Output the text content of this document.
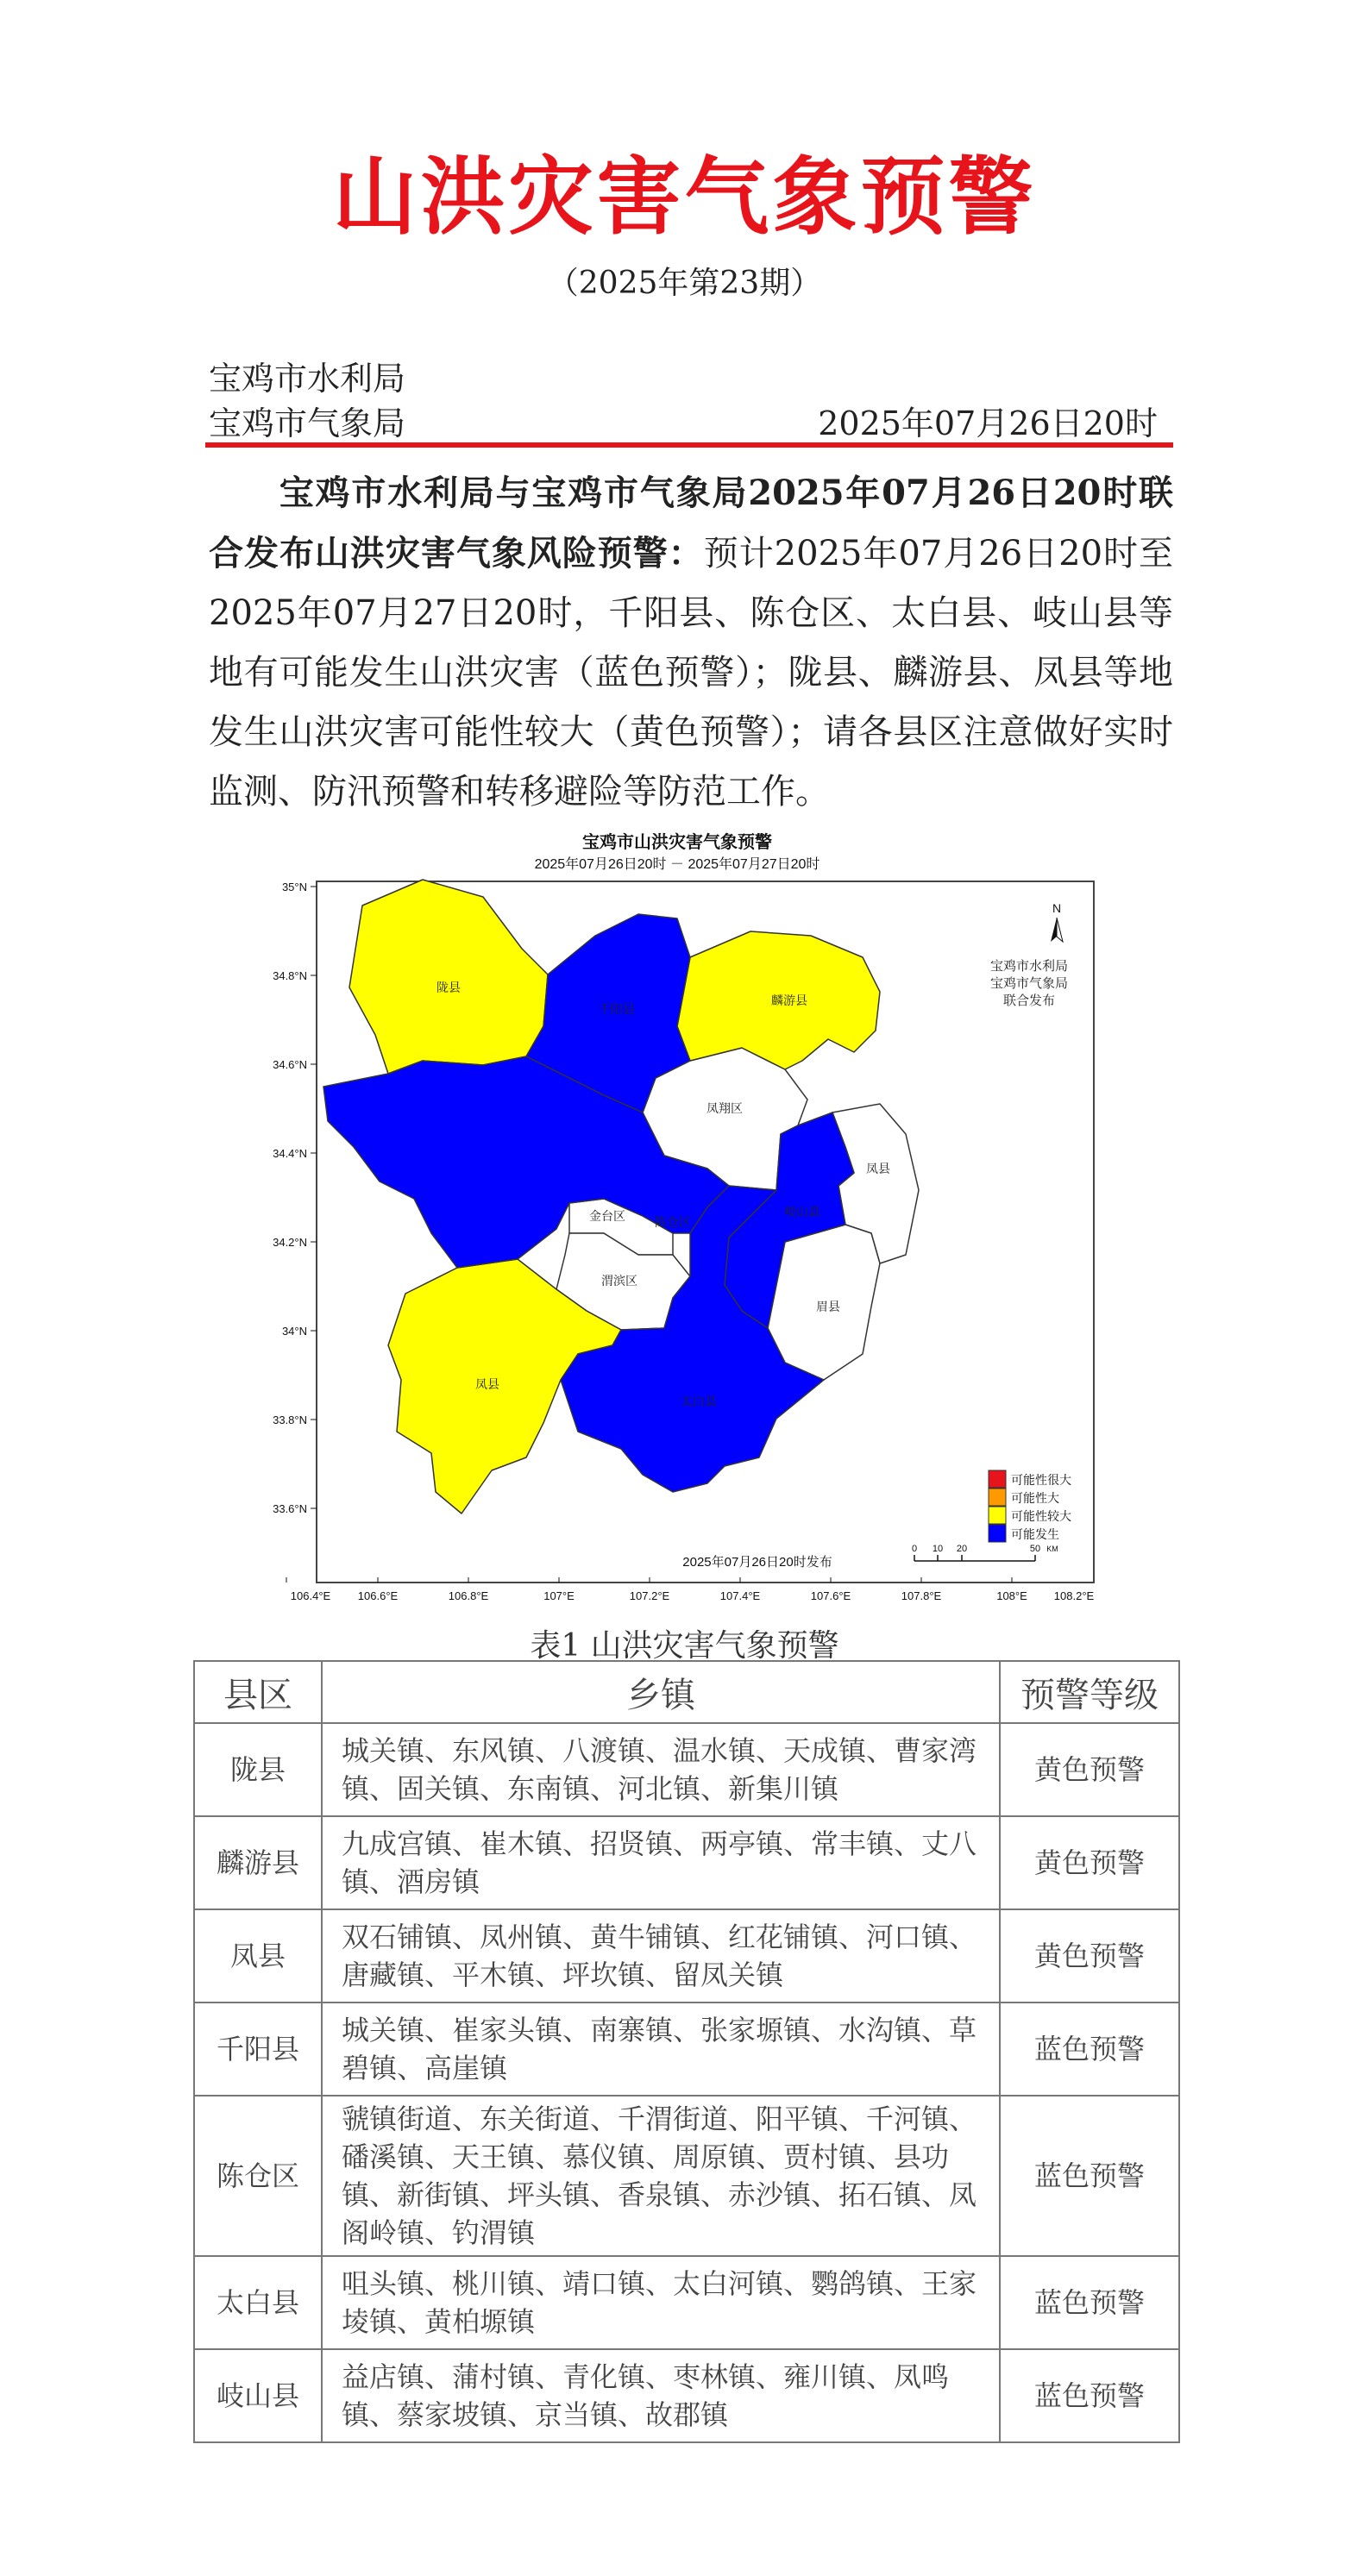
山洪灾害气象预警
（2025年第23期）
宝鸡市水利局
宝鸡市气象局	2025年07月26日20时
宝鸡市水利局与宝鸡市气象局2025年07月26日20时联合发布山洪灾害气象风险预警：预计2025年07月26日20时至2025年07月27日20时，千阳县、陈仓区、太白县、岐山县等地有可能发生山洪灾害（蓝色预警）；陇县、麟游县、凤县等地发生山洪灾害可能性较大（黄色预警）；请各县区注意做好实时监测、防汛预警和转移避险等防范工作。
宝鸡市山洪灾害气象预警
2025年07月26日20时 － 2025年07月27日20时
陇县
千阳县
麟游县
凤翔区
凤县
金台区 陈仓区
岐山县
渭滨区
眉县
凤县
太白县
N
宝鸡市水利局
宝鸡市气象局
联合发布
可能性很大
可能性大
可能性较大
可能发生
2025年07月26日20时发布
0 10 20	50 KM
35°N
34.8°N
34.6°N
34.4°N
34.2°N
34°N
33.8°N
33.6°N
106.4°E 106.6°E	106.8°E	107°E	107.2°E	107.4°E	107.6°E	107.8°E	108°E 108.2°E
表1 山洪灾害气象预警
县区	乡镇	预警等级
陇县	城关镇、东风镇、八渡镇、温水镇、天成镇、曹家湾镇、固关镇、东南镇、河北镇、新集川镇	黄色预警
麟游县	九成宫镇、崔木镇、招贤镇、两亭镇、常丰镇、丈八镇、酒房镇	黄色预警
凤县	双石铺镇、凤州镇、黄牛铺镇、红花铺镇、河口镇、唐藏镇、平木镇、坪坎镇、留凤关镇	黄色预警
千阳县	城关镇、崔家头镇、南寨镇、张家塬镇、水沟镇、草碧镇、高崖镇	蓝色预警
陈仓区	虢镇街道、东关街道、千渭街道、阳平镇、千河镇、磻溪镇、天王镇、慕仪镇、周原镇、贾村镇、县功镇、新街镇、坪头镇、香泉镇、赤沙镇、拓石镇、凤阁岭镇、钓渭镇	蓝色预警
太白县	咀头镇、桃川镇、靖口镇、太白河镇、鹦鸽镇、王家堎镇、黄柏塬镇	蓝色预警
岐山县	益店镇、蒲村镇、青化镇、枣林镇、雍川镇、凤鸣镇、蔡家坡镇、京当镇、故郡镇	蓝色预警
